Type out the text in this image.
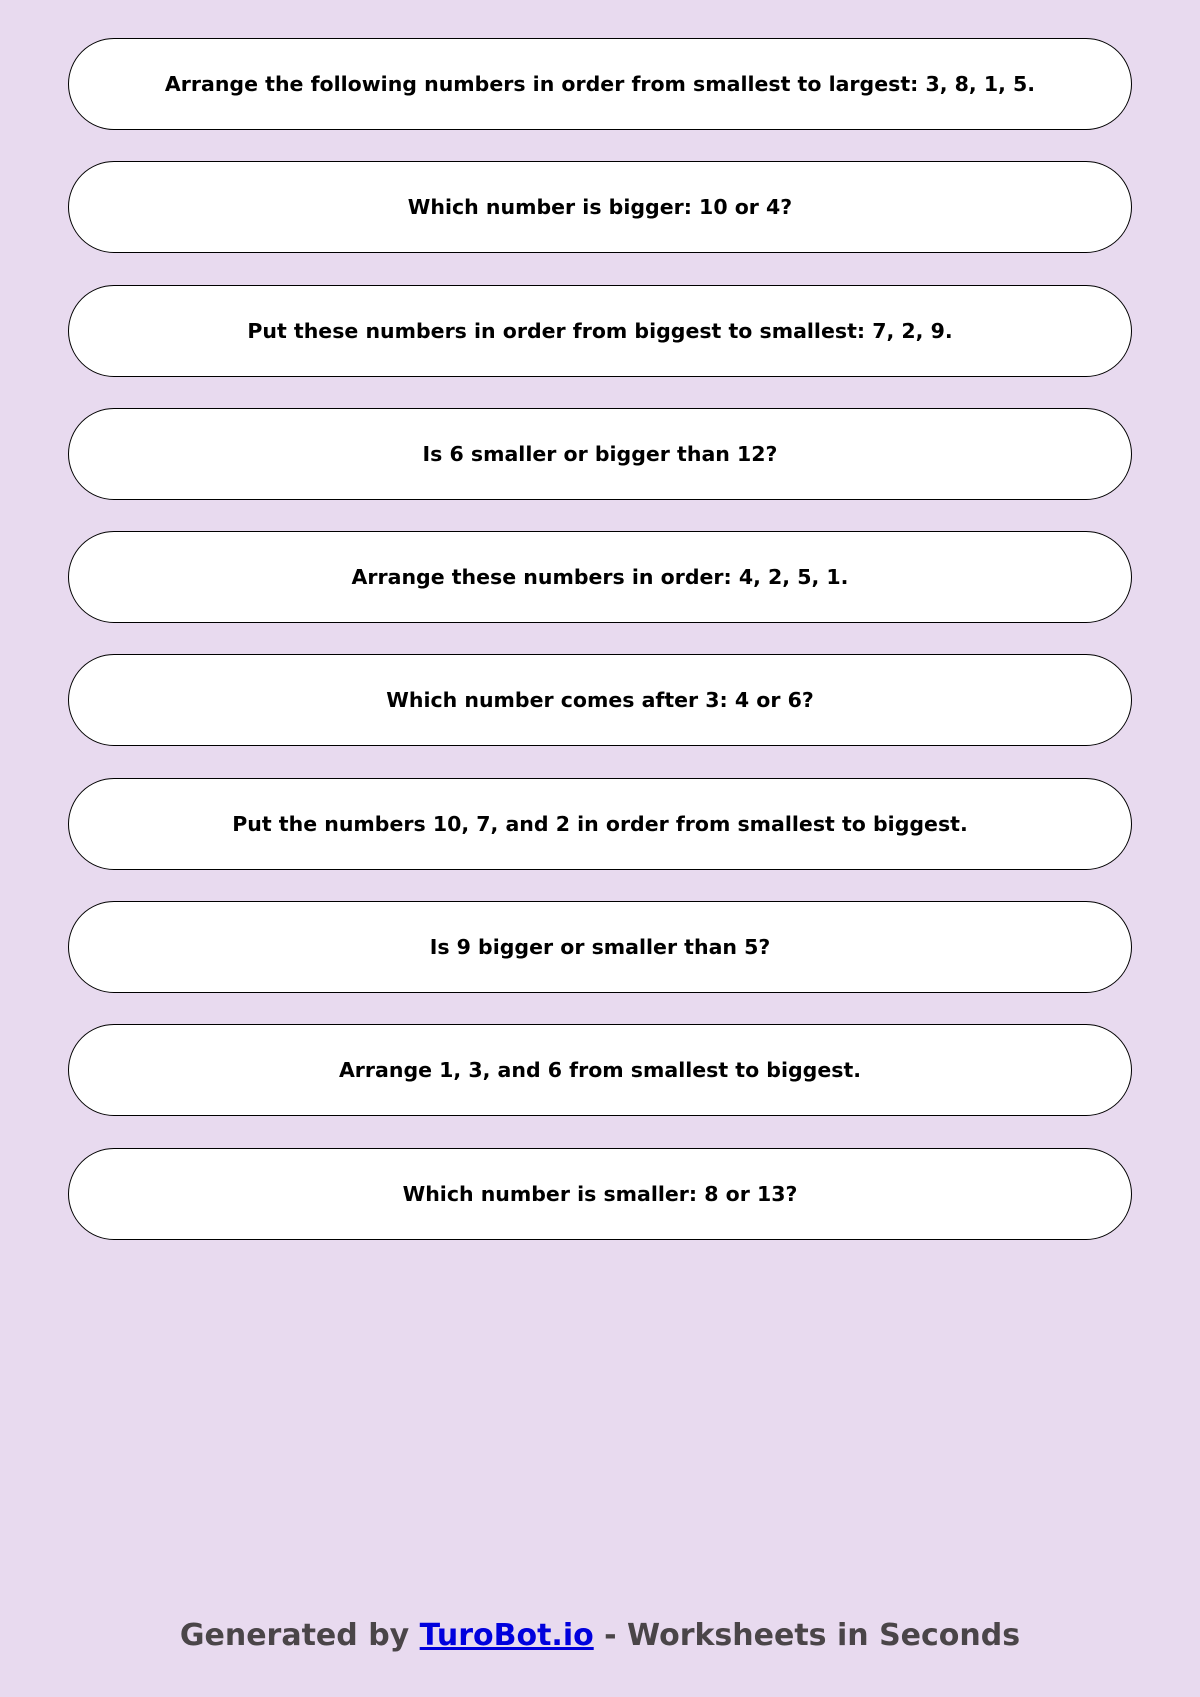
Arrange the following numbers in order from smallest to largest: 3, 8, 1, 5.
Which number is bigger: 10 or 4?
Put these numbers in order from biggest to smallest: 7, 2, 9.
Is 6 smaller or bigger than 12?
Arrange these numbers in order: 4, 2, 5, 1.
Which number comes after 3: 4 or 6?
Put the numbers 10, 7, and 2 in order from smallest to biggest.
Is 9 bigger or smaller than 5?
Arrange 1, 3, and 6 from smallest to biggest.
Which number is smaller: 8 or 13?
Generated by TuroBot.io - Worksheets in Seconds
